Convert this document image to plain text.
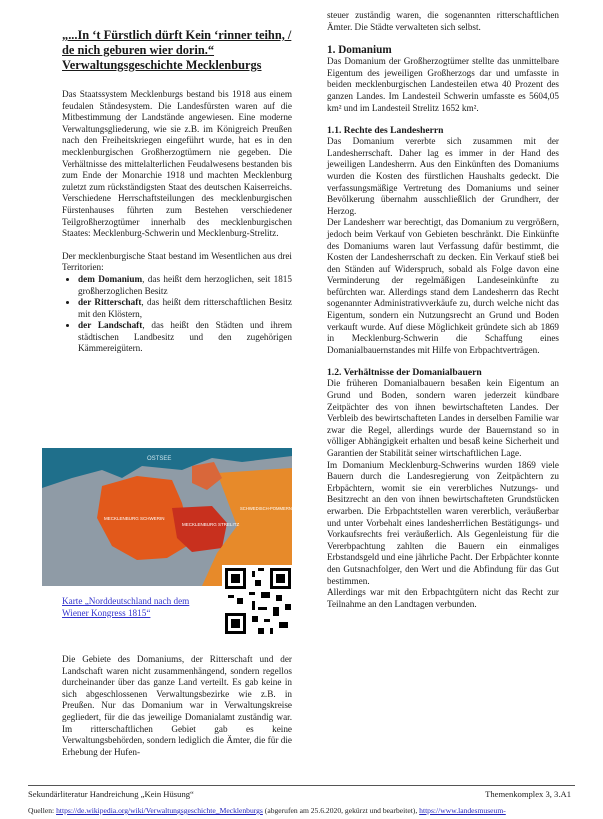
„...In ‘t Fürstlich dürft Kein ‘rinner teihn, /
de nich geburen wier dorin.“
Verwaltungsgeschichte Mecklenburgs

Das Staatssystem Mecklenburgs bestand bis 1918 aus einem feudalen Ständesystem. Die Landesfürsten waren auf die Mitbestimmung der Landstände angewiesen. Eine moderne Verwaltungsgliederung, wie sie z.B. im Königreich Preußen nach den Freiheitskriegen eingeführt wurde, hat es in den mecklenburgischen Großherzogtümern nie gegeben. Die Verhältnisse des mittelalterlichen Feudalwesens bestanden bis zum Ende der Monarchie 1918 und machten Mecklenburg zuletzt zum rückständigsten Staat des deutschen Kaiserreichs. Verschiedene Herrschaftsteilungen des mecklenburgischen Fürstenhauses führten zum Bestehen verschiedener Teilgroßherzogtümer innerhalb des mecklenburgischen Staates: Mecklenburg-Schwerin und Mecklenburg-Strelitz.

Der mecklenburgische Staat bestand im Wesentlichen aus drei Territorien:

• dem Domanium, das heißt dem herzoglichen, seit 1815 großherzoglichen Besitz
• der Ritterschaft, das heißt dem ritterschaftlichen Besitz mit den Klöstern,
• der Landschaft, das heißt den Städten und ihrem städtischen Landbesitz und den zugehörigen Kämmereigütern.
OSTSEE
MECKLENBURG SCHWERIN
MECKLENBURG STRELITZ
SCHWEDISCH-POMMERN
Karte „Norddeutschland nach dem Wiener Kongress 1815“

Die Gebiete des Domaniums, der Ritterschaft und der Landschaft waren nicht zusammenhängend, sondern regellos durcheinander über das ganze Land verteilt. Es gab keine in sich abgeschlossenen Verwaltungsbezirke wie z.B. in Preußen. Nur das Domanium war in Verwaltungskreise gegliedert, für die das jeweilige Domanialamt zuständig war. Im ritterschaftlichen Gebiet gab es keine Verwaltungsbehörden, sondern lediglich die Ämter, die für die Erhebung der Hufen-

steuer zuständig waren, die sogenannten ritterschaftlichen Ämter. Die Städte verwalteten sich selbst.

1. Domanium

Das Domanium der Großherzogtümer stellte das unmittelbare Eigentum des jeweiligen Großherzogs dar und umfasste in beiden mecklenburgischen Landesteilen etwa 40 Prozent des ganzen Landes. Im Landesteil Schwerin umfasste es 5604,05 km² und im Landesteil Strelitz 1652 km².

1.1. Rechte des Landesherrn

Das Domanium vererbte sich zusammen mit der Landesherrschaft. Daher lag es immer in der Hand des jeweiligen Landesherrn. Aus den Einkünften des Domaniums wurden die Kosten des fürstlichen Haushalts gedeckt. Die verfassungsmäßige Vertretung des Domaniums und seiner Bevölkerung übernahm ausschließlich der Grundherr, der Herzog.

Der Landesherr war berechtigt, das Domanium zu vergrößern, jedoch beim Verkauf von Gebieten beschränkt. Die Einkünfte des Domaniums waren laut Verfassung dafür bestimmt, die Kosten der Landesherrschaft zu decken. Ein Verkauf stieß bei den Ständen auf Widerspruch, sobald als Folge davon eine Verminderung der regelmäßigen Landeseinkünfte zu befürchten war. Allerdings stand dem Landesherrn das Recht sogenannter Administrativverkäufe zu, durch welche nicht das Eigentum, sondern ein Nutzungsrecht an Grund und Boden verkauft wurde. Auf diese Möglichkeit gründete sich ab 1869 in Mecklenburg-Schwerin die Schaffung eines Domanialbauernstandes mit Hilfe von Erbpachtverträgen.

1.2. Verhältnisse der Domanialbauern

Die früheren Domanialbauern besaßen kein Eigentum an Grund und Boden, sondern waren jederzeit kündbare Zeitpächter des von ihnen bewirtschafteten Landes. Der Verbleib des bewirtschafteten Landes in derselben Familie war zwar die Regel, allerdings wurde der Bauernstand so in völliger Abhängigkeit erhalten und besaß keine Sicherheit und Garantien der Stabilität seiner wirtschaftlichen Lage.

Im Domanium Mecklenburg-Schwerins wurden 1869 viele Bauern durch die Landesregierung von Zeitpächtern zu Erbpächtern, womit sie ein vererbliches Nutzungs- und Besitzrecht an den von ihnen bewirtschafteten Grundstücken erwarben. Die Erbpachtstellen waren vererblich, veräußerbar und unter Vorbehalt eines landesherrlichen Bestätigungs- und Vorkaufsrechts frei veräußerlich. Als Gegenleistung für die Vererbpachtung zahlten die Bauern ein einmaliges Erbstandsgeld und eine jährliche Pacht. Der Erbpächter konnte den Gutsnachfolger, den Wert und die Abfindung für das Gut bestimmen.

Allerdings war mit den Erbpachtgütern nicht das Recht zur Teilnahme an den Landtagen verbunden.

Sekundärliteratur Handreichung „Kein Hüsung“	Themenkomplex 3, 3.A1
Quellen: https://de.wikipedia.org/wiki/Verwaltungsgeschichte_Mecklenburgs (abgerufen am 25.6.2020, gekürzt und bearbeitet), https://www.landesmuseum-
